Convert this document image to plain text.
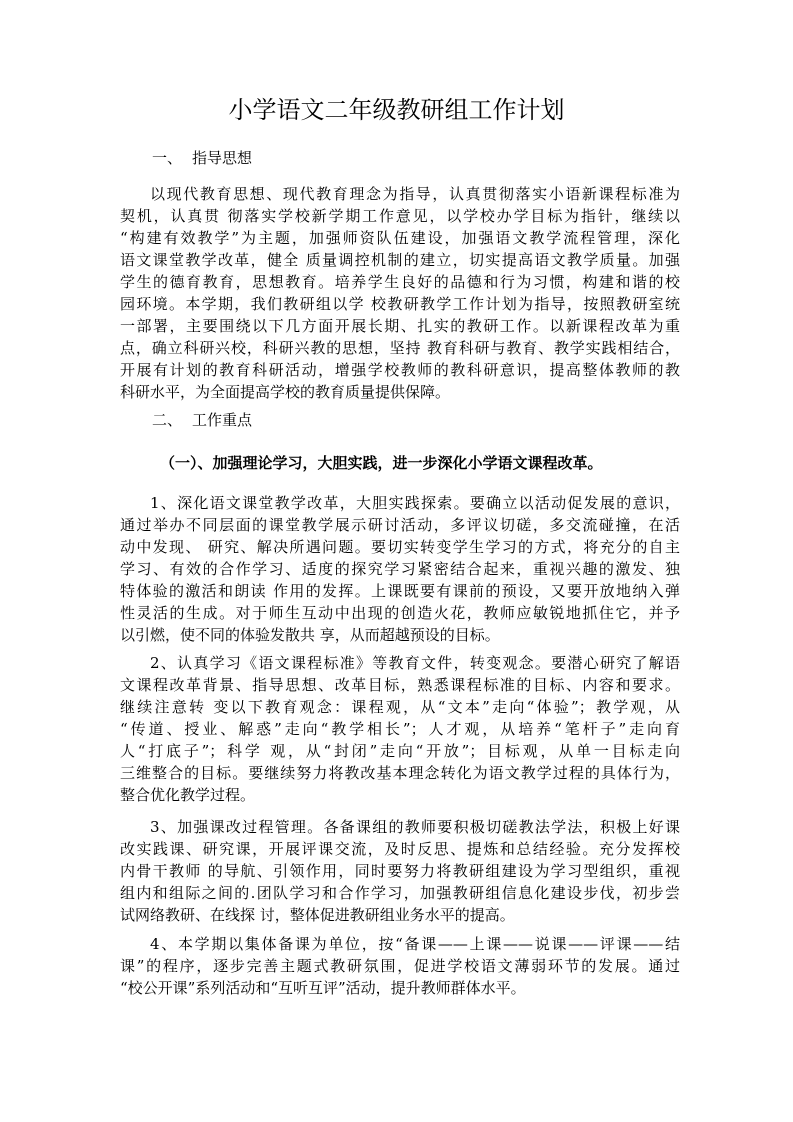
小学语文二年级教研组工作计划
一、 指导思想
以现代教育思想、现代教育理念为指导，认真贯彻落实小语新课程标准为
契机，认真贯 彻落实学校新学期工作意见，以学校办学目标为指针，继续以
“构建有效教学”为主题，加强师资队伍建设，加强语文教学流程管理，深化
语文课堂教学改革，健全 质量调控机制的建立，切实提高语文教学质量。加强
学生的德育教育，思想教育。培养学生良好的品德和行为习惯，构建和谐的校
园环境。本学期，我们教研组以学 校教研教学工作计划为指导，按照教研室统
一部署，主要围绕以下几方面开展长期、扎实的教研工作。以新课程改革为重
点，确立科研兴校，科研兴教的思想，坚持 教育科研与教育、教学实践相结合，
开展有计划的教育科研活动，增强学校教师的教科研意识，提高整体教师的教
科研水平，为全面提高学校的教育质量提供保障。
二、 工作重点
（一）、加强理论学习，大胆实践，进一步深化小学语文课程改革。
1、深化语文课堂教学改革，大胆实践探索。要确立以活动促发展的意识，
通过举办不同层面的课堂教学展示研讨活动，多评议切磋，多交流碰撞，在活
动中发现、 研究、解决所遇问题。要切实转变学生学习的方式，将充分的自主
学习、有效的合作学习、适度的探究学习紧密结合起来，重视兴趣的激发、独
特体验的激活和朗读 作用的发挥。上课既要有课前的预设，又要开放地纳入弹
性灵活的生成。对于师生互动中出现的创造火花，教师应敏锐地抓住它，并予
以引燃，使不同的体验发散共 享，从而超越预设的目标。
2、认真学习《语文课程标准》等教育文件，转变观念。要潜心研究了解语
文课程改革背景、指导思想、改革目标，熟悉课程标准的目标、内容和要求。
继续注意转 变以下教育观念：课程观，从“文本”走向“体验”；教学观，从
“传道、授业、解惑”走向“教学相长”；人才观，从培养“笔杆子”走向育
人“打底子”；科学 观，从“封闭”走向“开放”；目标观，从单一目标走向
三维整合的目标。要继续努力将教改基本理念转化为语文教学过程的具体行为，
整合优化教学过程。
3、加强课改过程管理。各备课组的教师要积极切磋教法学法，积极上好课
改实践课、研究课，开展评课交流，及时反思、提炼和总结经验。充分发挥校
内骨干教师 的导航、引领作用，同时要努力将教研组建设为学习型组织，重视
组内和组际之间的.团队学习和合作学习，加强教研组信息化建设步伐，初步尝
试网络教研、在线探 讨，整体促进教研组业务水平的提高。
4、本学期以集体备课为单位，按“备课——上课——说课——评课——结
课”的程序，逐步完善主题式教研氛围，促进学校语文薄弱环节的发展。通过
“校公开课”系列活动和“互听互评”活动，提升教师群体水平。
